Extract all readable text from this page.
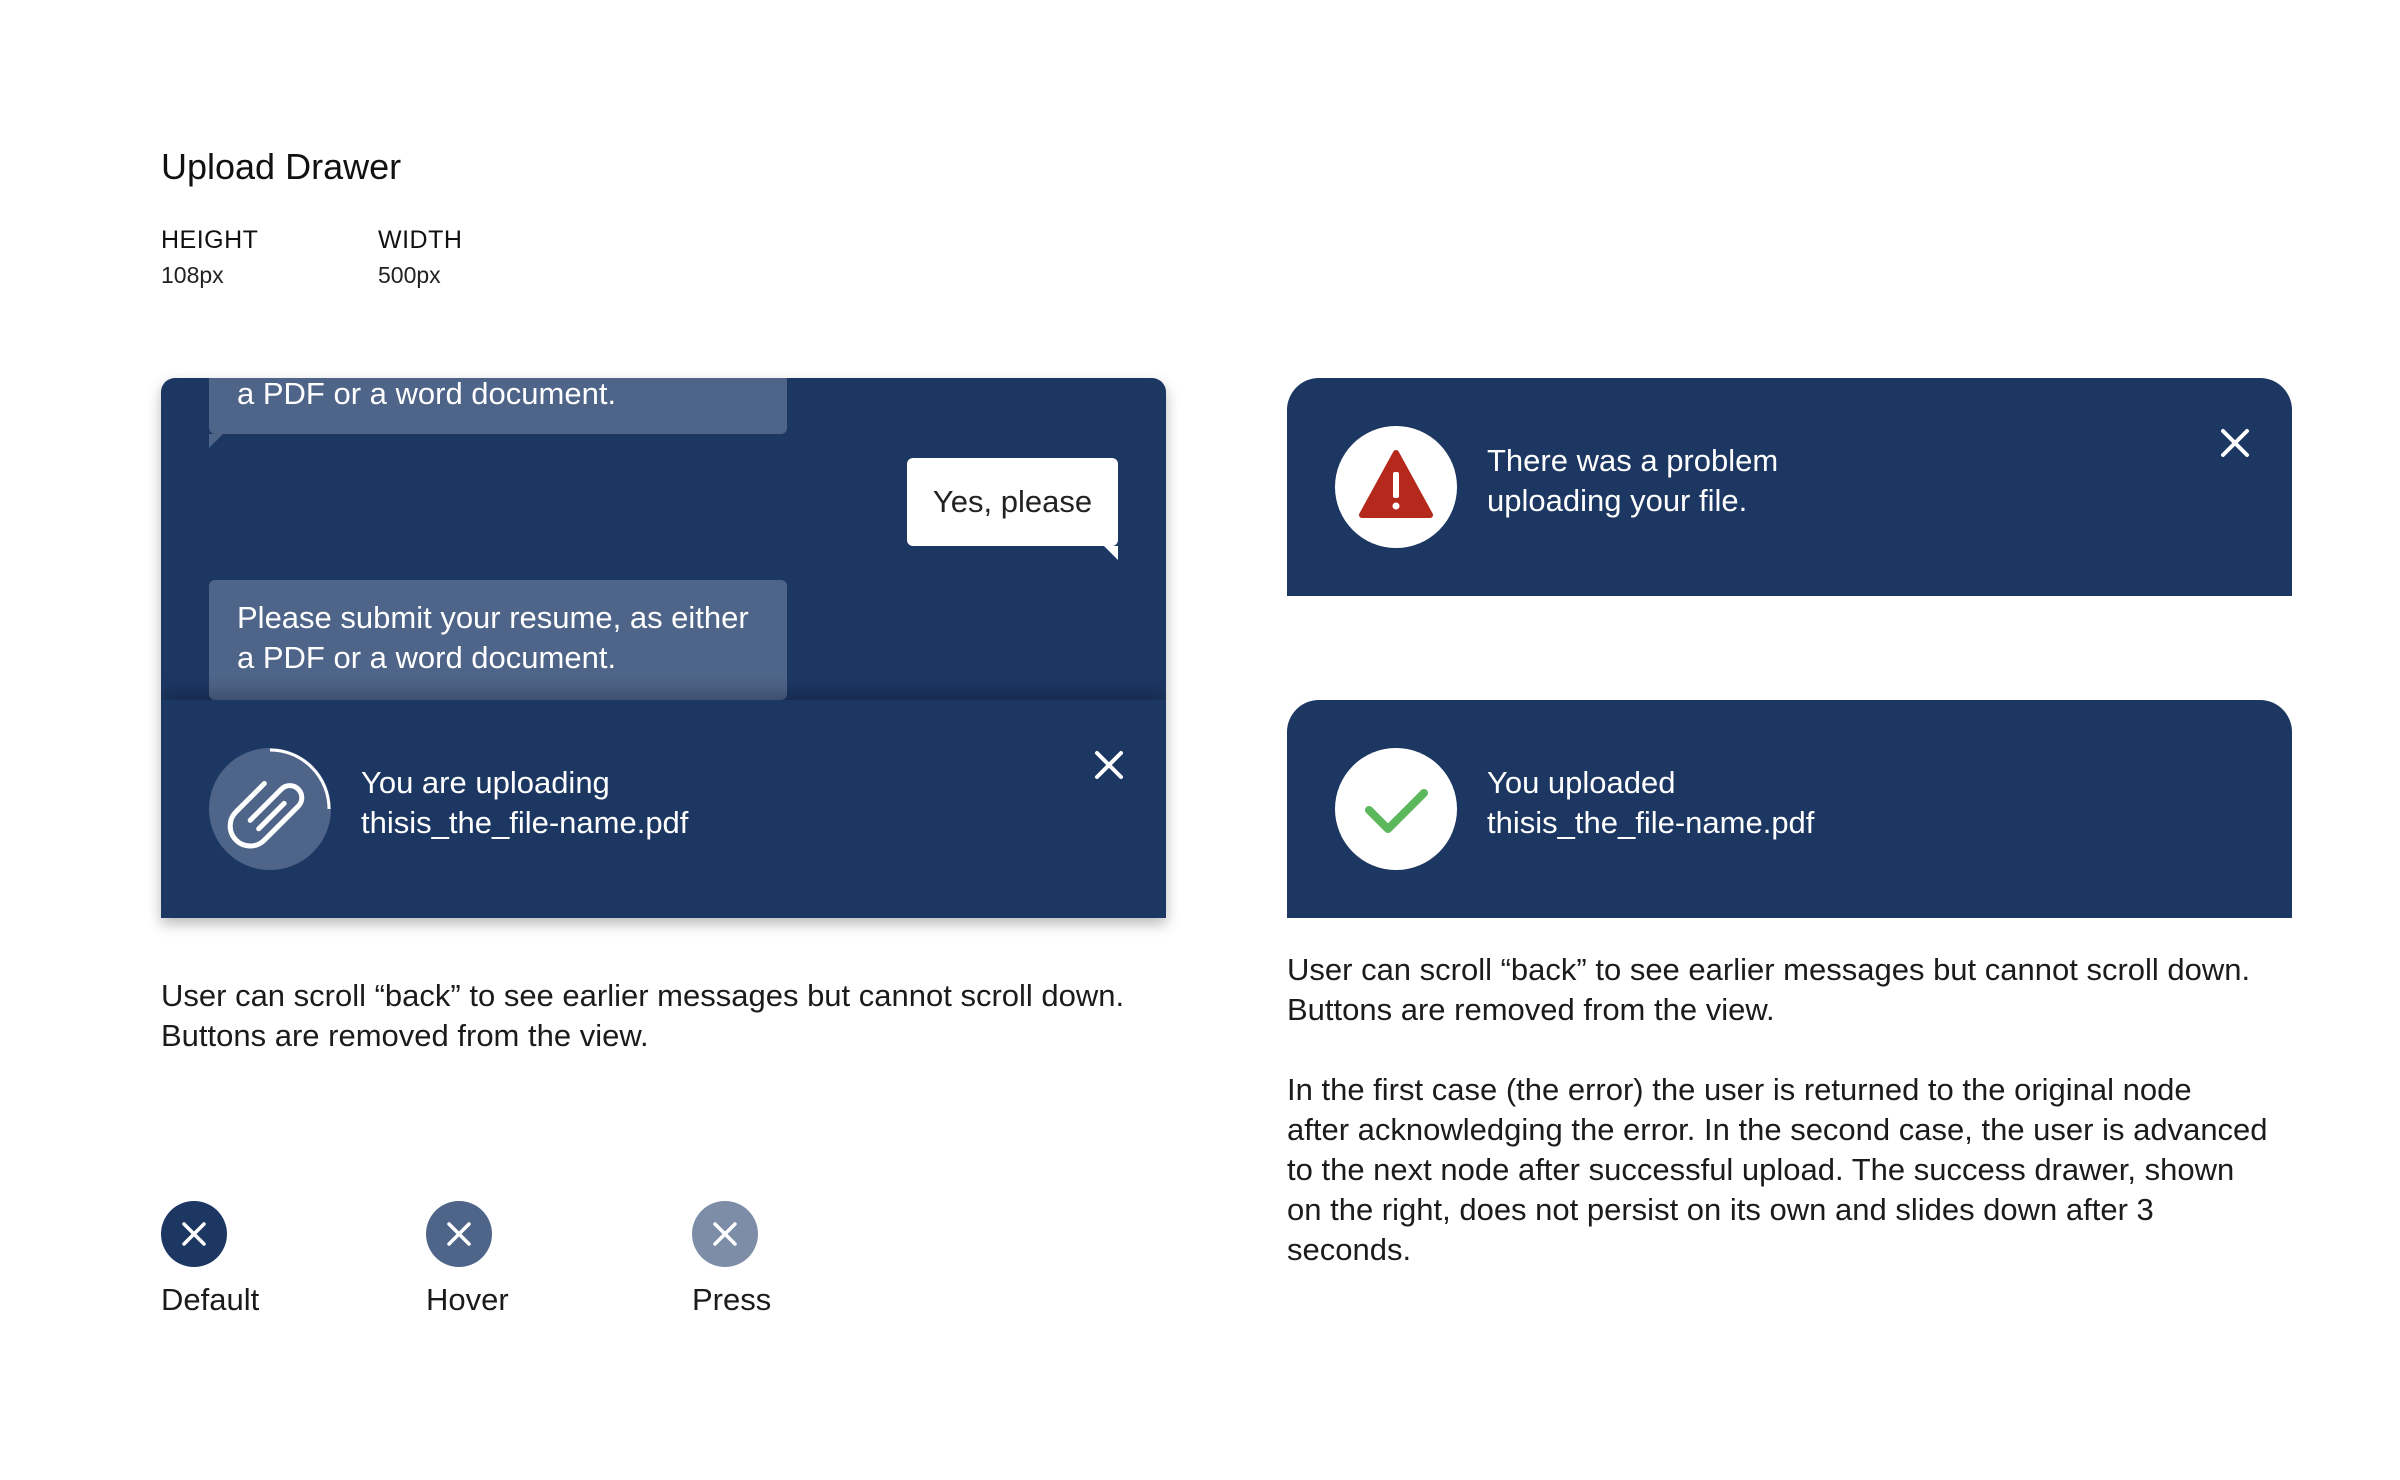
Upload Drawer
HEIGHT
108px
WIDTH
500px
a PDF or a word document.
Yes, please
Please submit your resume, as either
a PDF or a word document.
You are uploading
thisis_the_file-name.pdf
User can scroll “back” to see earlier messages but cannot scroll down.
Buttons are removed from the view.
Default	Hover	Press
There was a problem
uploading your file.
You uploaded
thisis_the_file-name.pdf
User can scroll “back” to see earlier messages but cannot scroll down.
Buttons are removed from the view.
In the first case (the error) the user is returned to the original node
after acknowledging the error. In the second case, the user is advanced
to the next node after successful upload. The success drawer, shown
on the right, does not persist on its own and slides down after 3
seconds.
